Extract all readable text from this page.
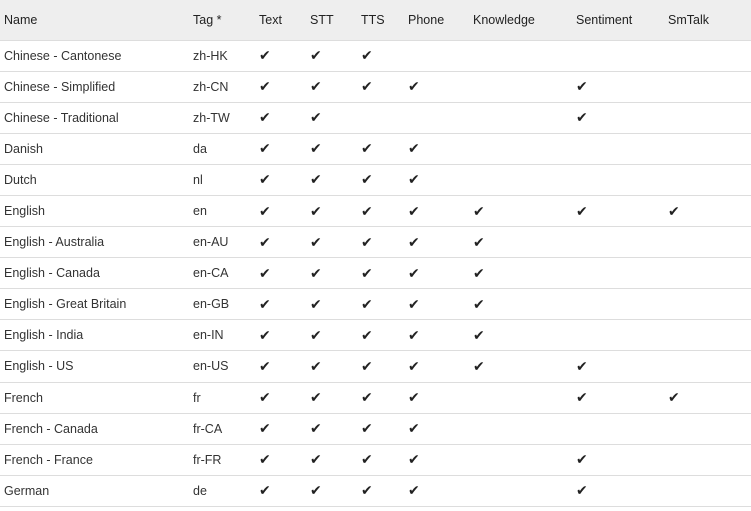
Name	Tag *	Text	STT	TTS	Phone	Knowledge	Sentiment	SmTalk
Chinese - Cantonese	zh-HK	✔	✔	✔				
Chinese - Simplified	zh-CN	✔	✔	✔	✔		✔	
Chinese - Traditional	zh-TW	✔	✔				✔	
Danish	da	✔	✔	✔	✔			
Dutch	nl	✔	✔	✔	✔			
English	en	✔	✔	✔	✔	✔	✔	✔
English - Australia	en-AU	✔	✔	✔	✔	✔		
English - Canada	en-CA	✔	✔	✔	✔	✔		
English - Great Britain	en-GB	✔	✔	✔	✔	✔		
English - India	en-IN	✔	✔	✔	✔	✔		
English - US	en-US	✔	✔	✔	✔	✔	✔	
French	fr	✔	✔	✔	✔		✔	✔
French - Canada	fr-CA	✔	✔	✔	✔			
French - France	fr-FR	✔	✔	✔	✔		✔	
German	de	✔	✔	✔	✔		✔	
